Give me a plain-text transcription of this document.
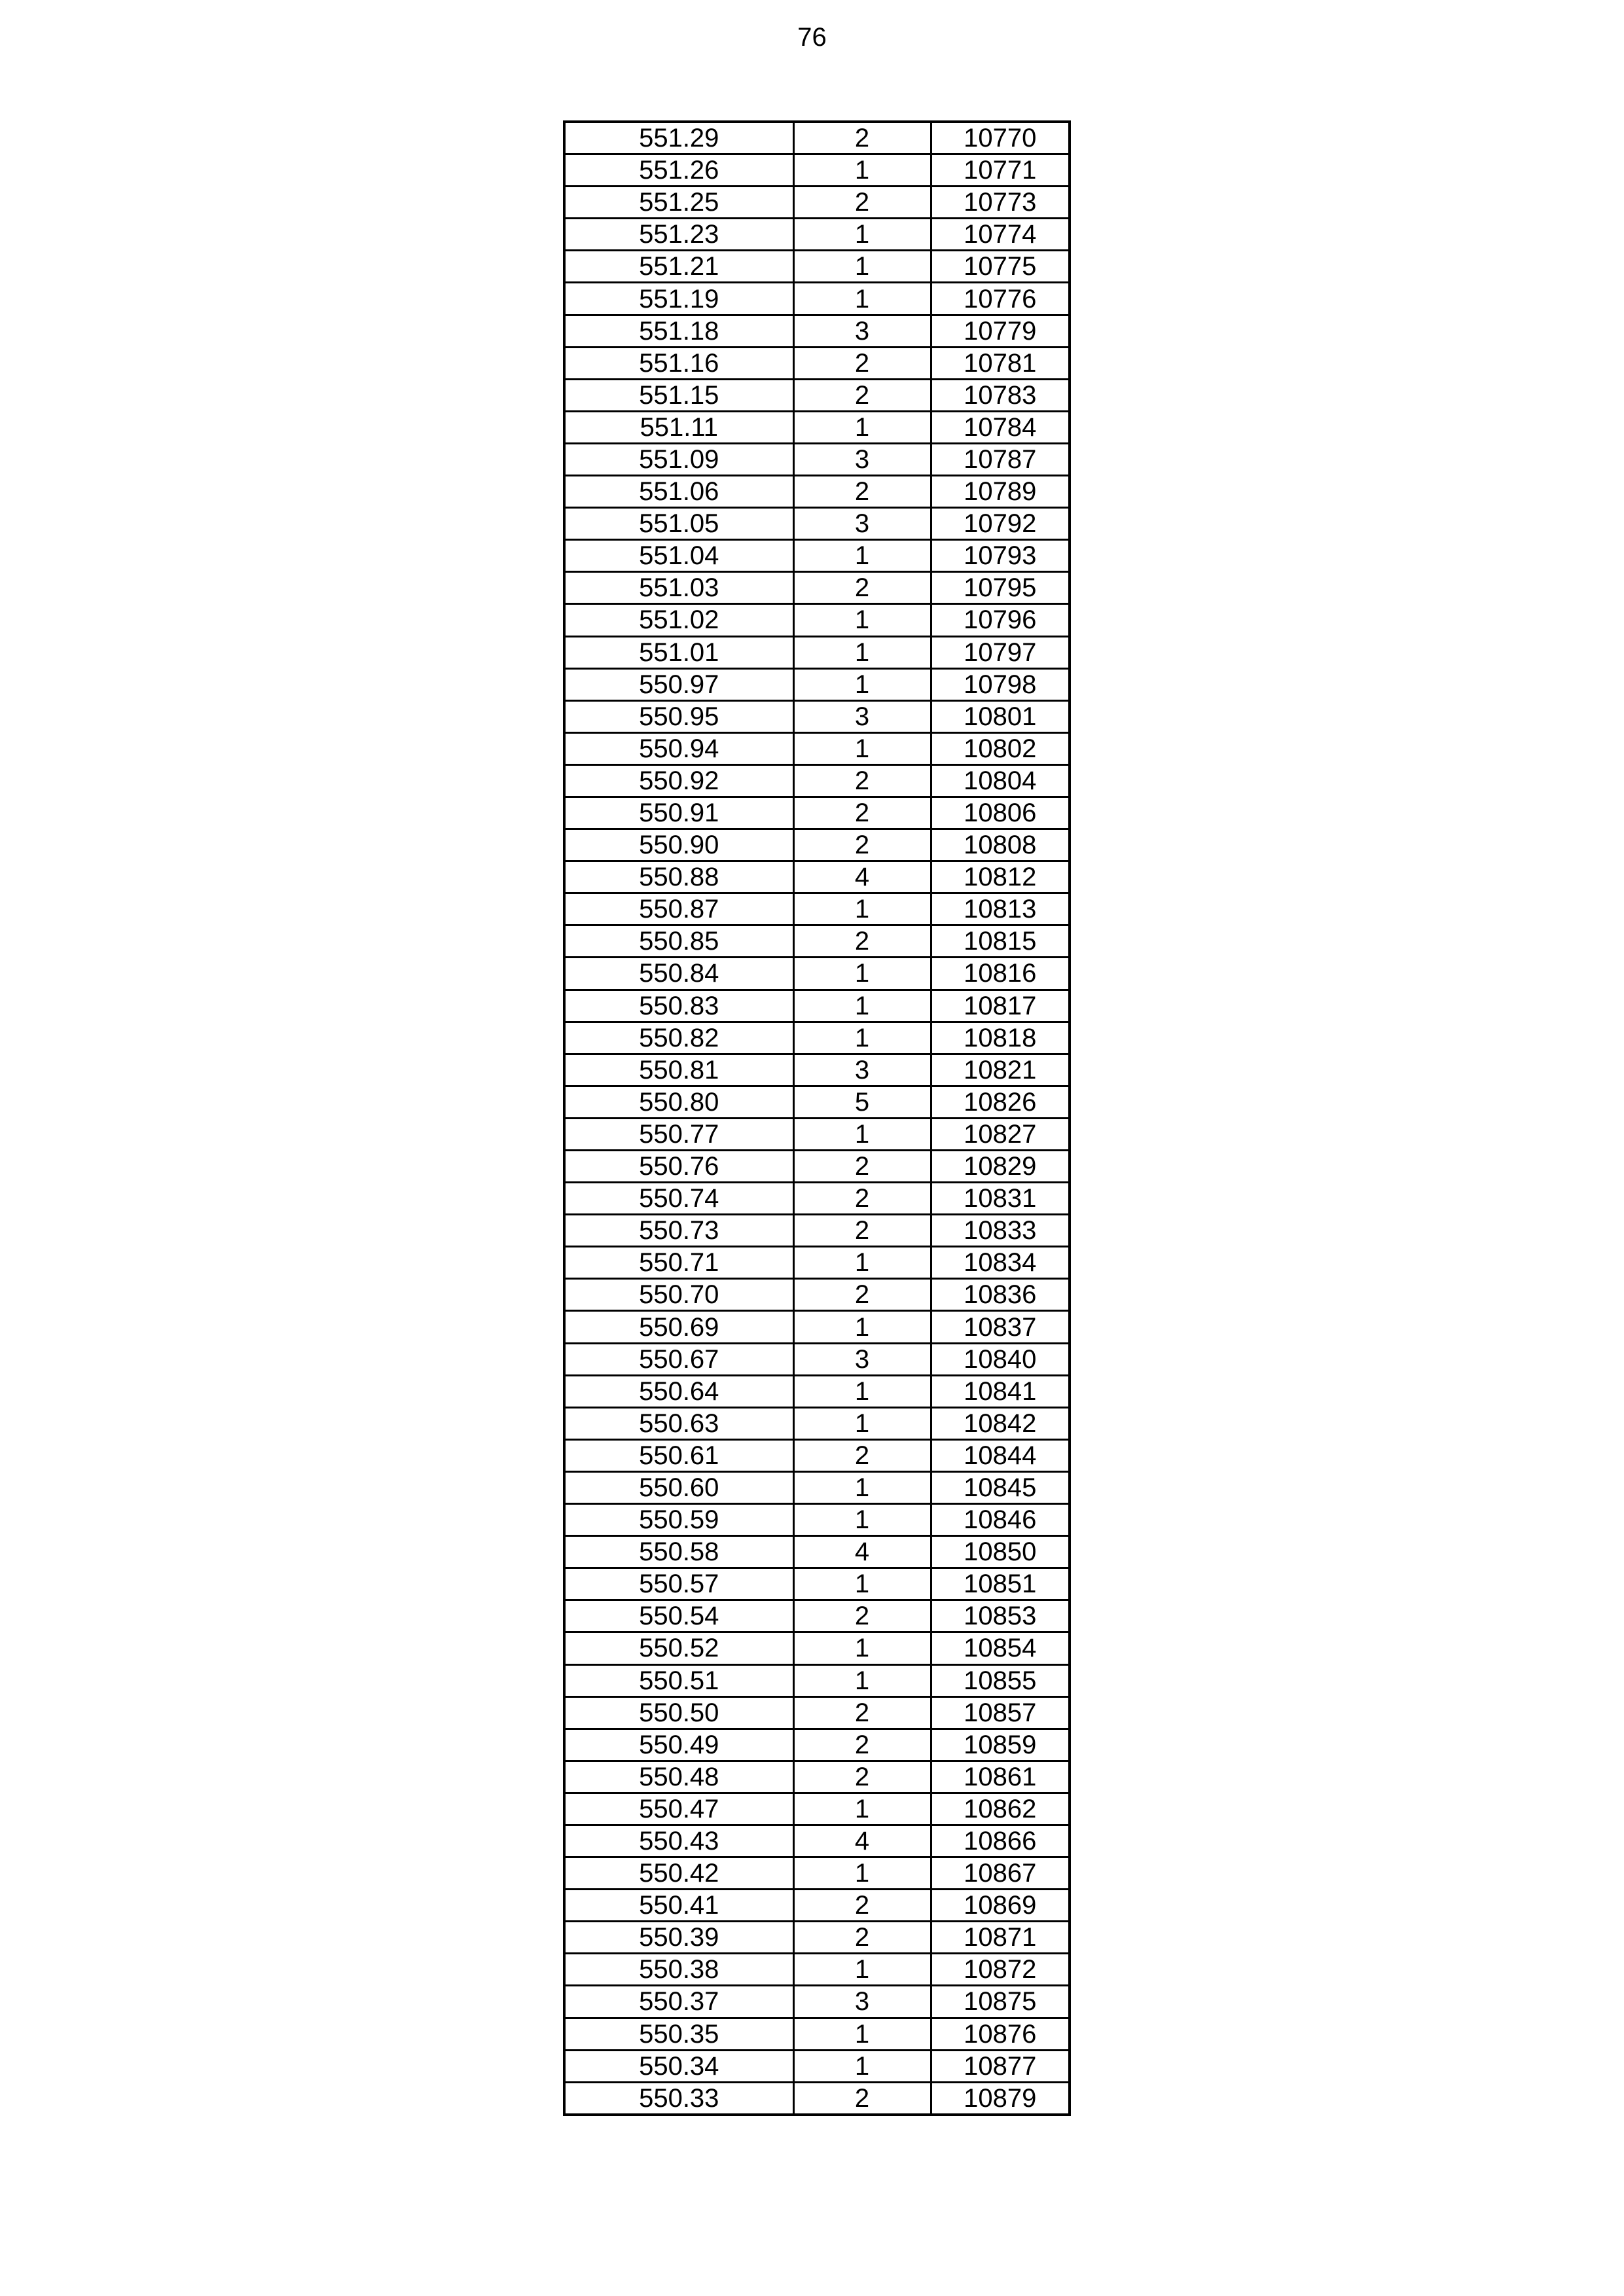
76
551.29	2	10770
551.26	1	10771
551.25	2	10773
551.23	1	10774
551.21	1	10775
551.19	1	10776
551.18	3	10779
551.16	2	10781
551.15	2	10783
551.11	1	10784
551.09	3	10787
551.06	2	10789
551.05	3	10792
551.04	1	10793
551.03	2	10795
551.02	1	10796
551.01	1	10797
550.97	1	10798
550.95	3	10801
550.94	1	10802
550.92	2	10804
550.91	2	10806
550.90	2	10808
550.88	4	10812
550.87	1	10813
550.85	2	10815
550.84	1	10816
550.83	1	10817
550.82	1	10818
550.81	3	10821
550.80	5	10826
550.77	1	10827
550.76	2	10829
550.74	2	10831
550.73	2	10833
550.71	1	10834
550.70	2	10836
550.69	1	10837
550.67	3	10840
550.64	1	10841
550.63	1	10842
550.61	2	10844
550.60	1	10845
550.59	1	10846
550.58	4	10850
550.57	1	10851
550.54	2	10853
550.52	1	10854
550.51	1	10855
550.50	2	10857
550.49	2	10859
550.48	2	10861
550.47	1	10862
550.43	4	10866
550.42	1	10867
550.41	2	10869
550.39	2	10871
550.38	1	10872
550.37	3	10875
550.35	1	10876
550.34	1	10877
550.33	2	10879
